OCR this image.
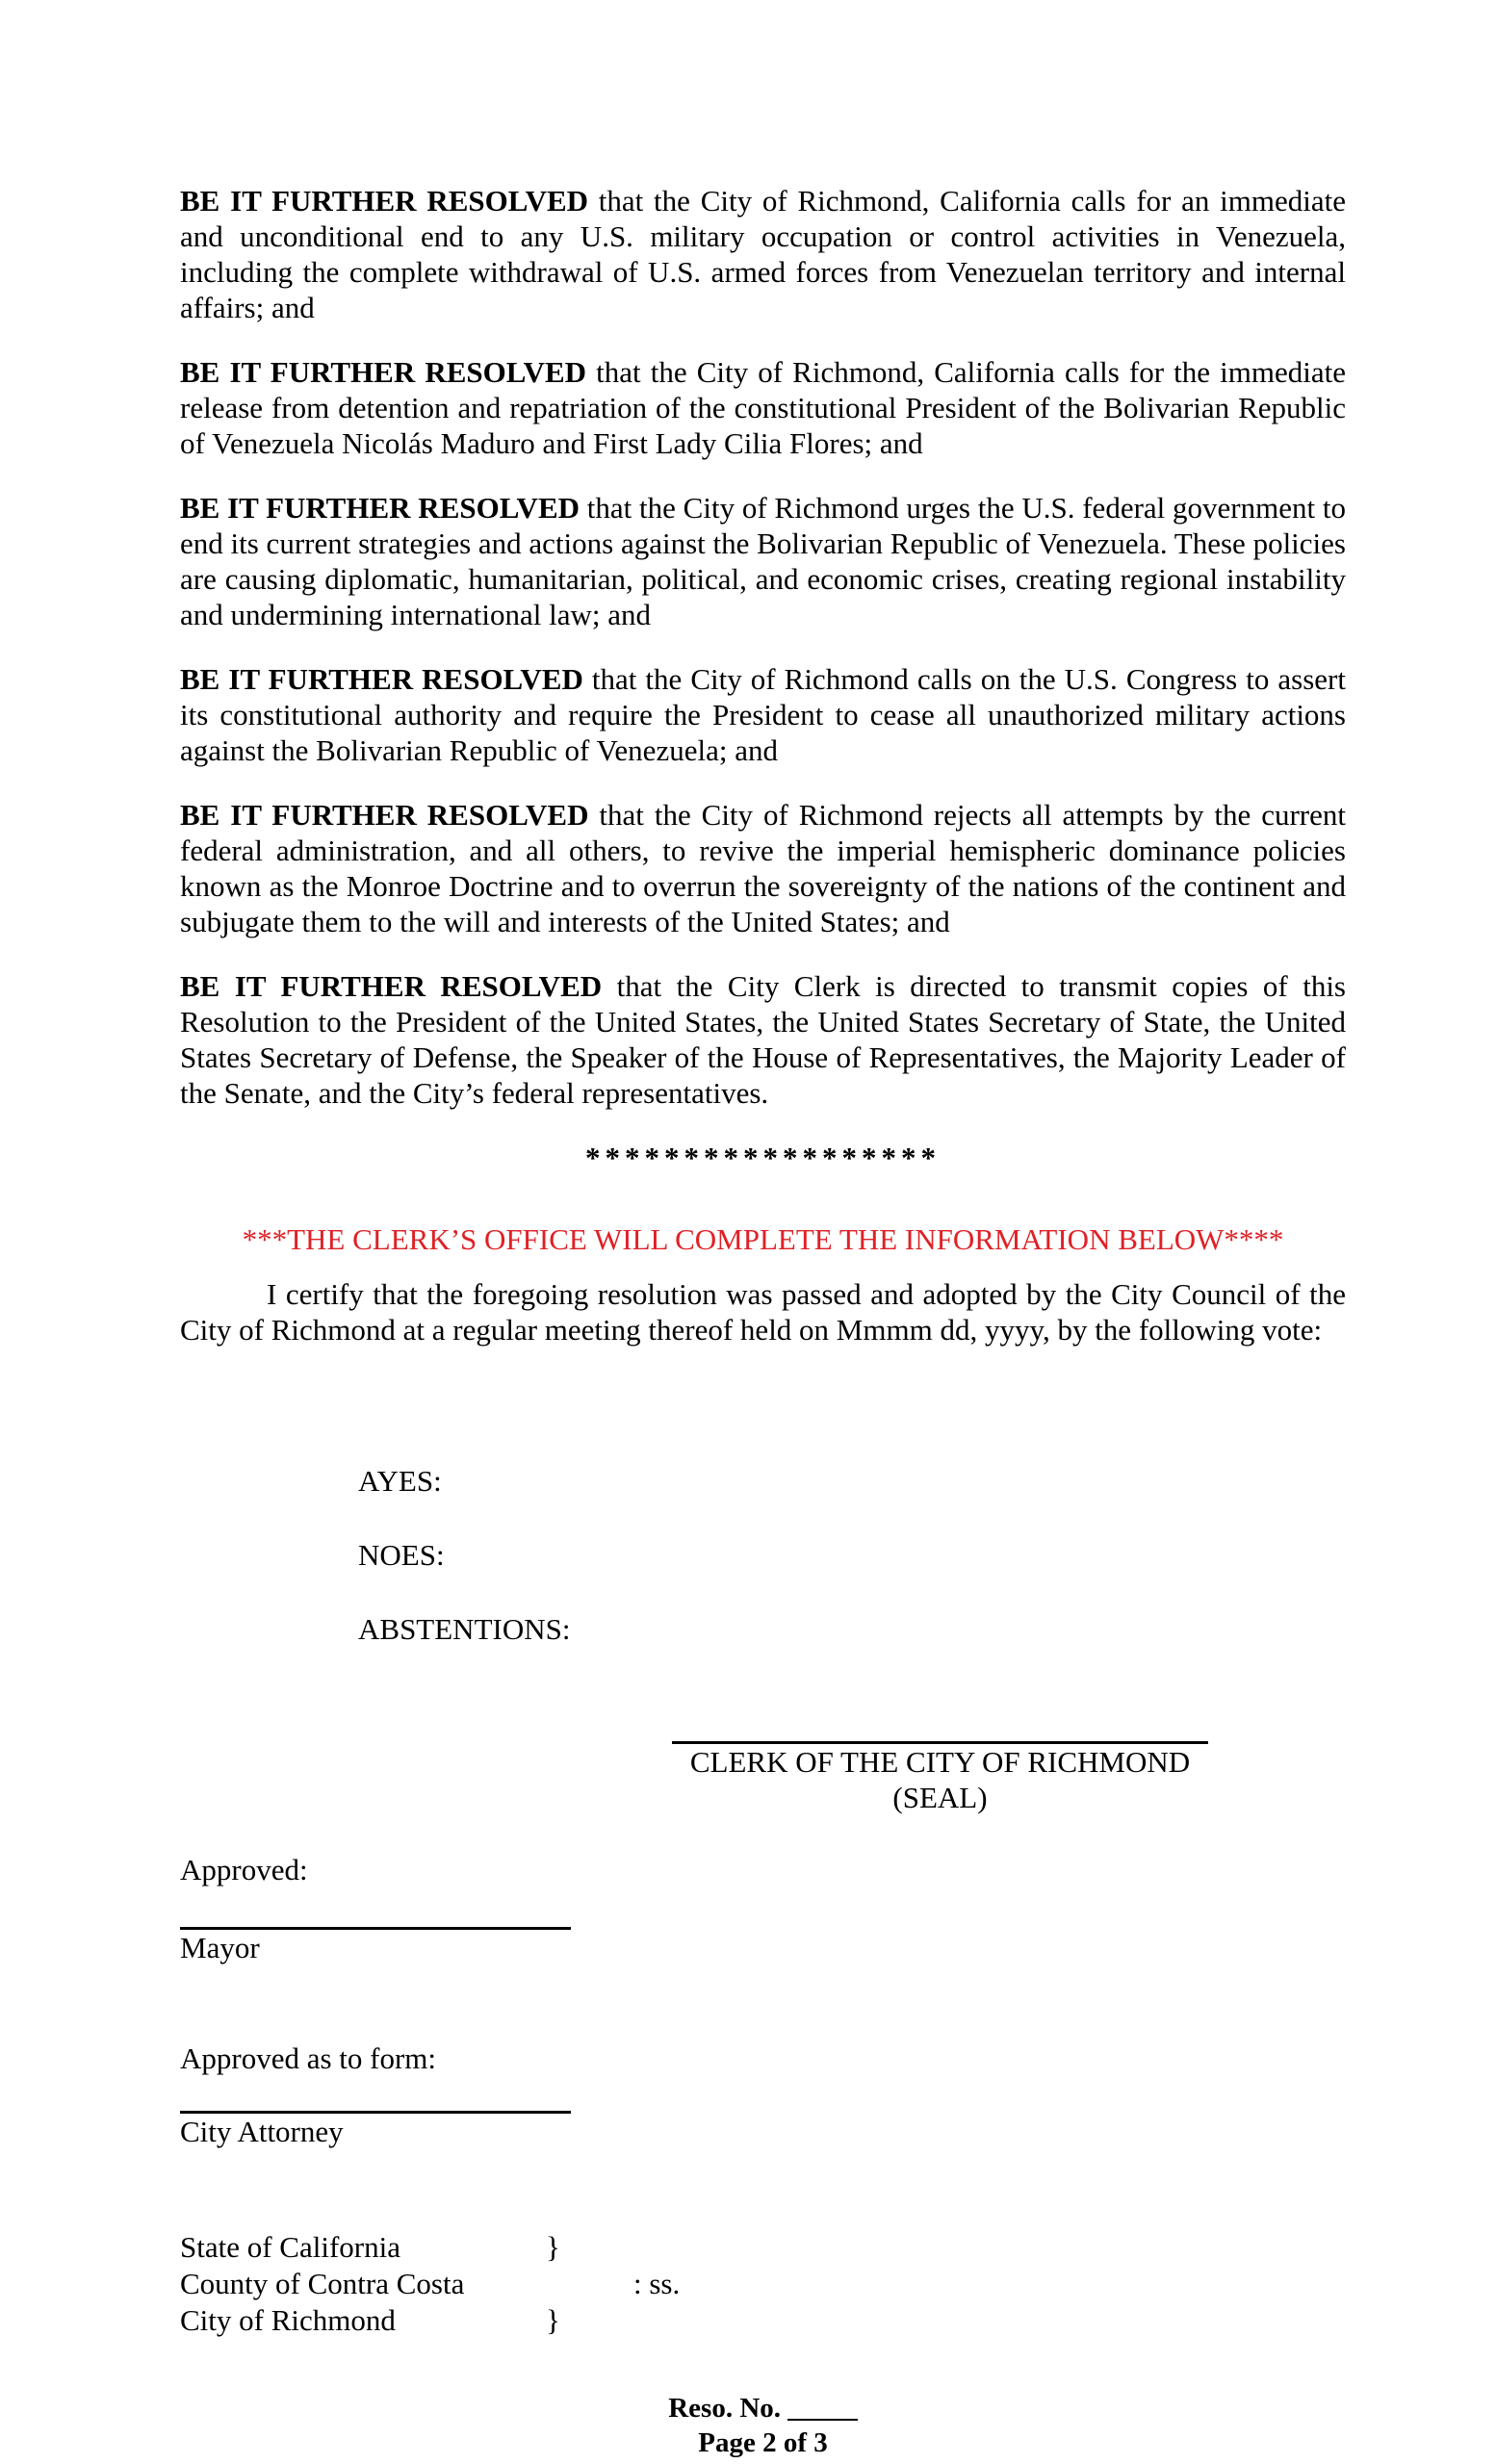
BE IT FURTHER RESOLVED that the City of Richmond, California calls for an immediate and unconditional end to any U.S. military occupation or control activities in Venezuela, including the complete withdrawal of U.S. armed forces from Venezuelan territory and internal affairs; and

BE IT FURTHER RESOLVED that the City of Richmond, California calls for the immediate release from detention and repatriation of the constitutional President of the Bolivarian Republic of Venezuela Nicolás Maduro and First Lady Cilia Flores; and

BE IT FURTHER RESOLVED that the City of Richmond urges the U.S. federal government to end its current strategies and actions against the Bolivarian Republic of Venezuela. These policies are causing diplomatic, humanitarian, political, and economic crises, creating regional instability and undermining international law; and

BE IT FURTHER RESOLVED that the City of Richmond calls on the U.S. Congress to assert its constitutional authority and require the President to cease all unauthorized military actions against the Bolivarian Republic of Venezuela; and

BE IT FURTHER RESOLVED that the City of Richmond rejects all attempts by the current federal administration, and all others, to revive the imperial hemispheric dominance policies known as the Monroe Doctrine and to overrun the sovereignty of the nations of the continent and subjugate them to the will and interests of the United States; and

BE IT FURTHER RESOLVED that the City Clerk is directed to transmit copies of this Resolution to the President of the United States, the United States Secretary of State, the United States Secretary of Defense, the Speaker of the House of Representatives, the Majority Leader of the Senate, and the City’s federal representatives.

******************
***THE CLERK’S OFFICE WILL COMPLETE THE INFORMATION BELOW****

I certify that the foregoing resolution was passed and adopted by the City Council of the City of Richmond at a regular meeting thereof held on Mmmm dd, yyyy, by the following vote:

AYES:
NOES:
ABSTENTIONS:
CLERK OF THE CITY OF RICHMOND
(SEAL)
Approved:
Mayor
Approved as to form:
City Attorney
State of California	}
County of Contra Costa	: ss.
City of Richmond	}
Reso. No. _____
Page 2 of 3
